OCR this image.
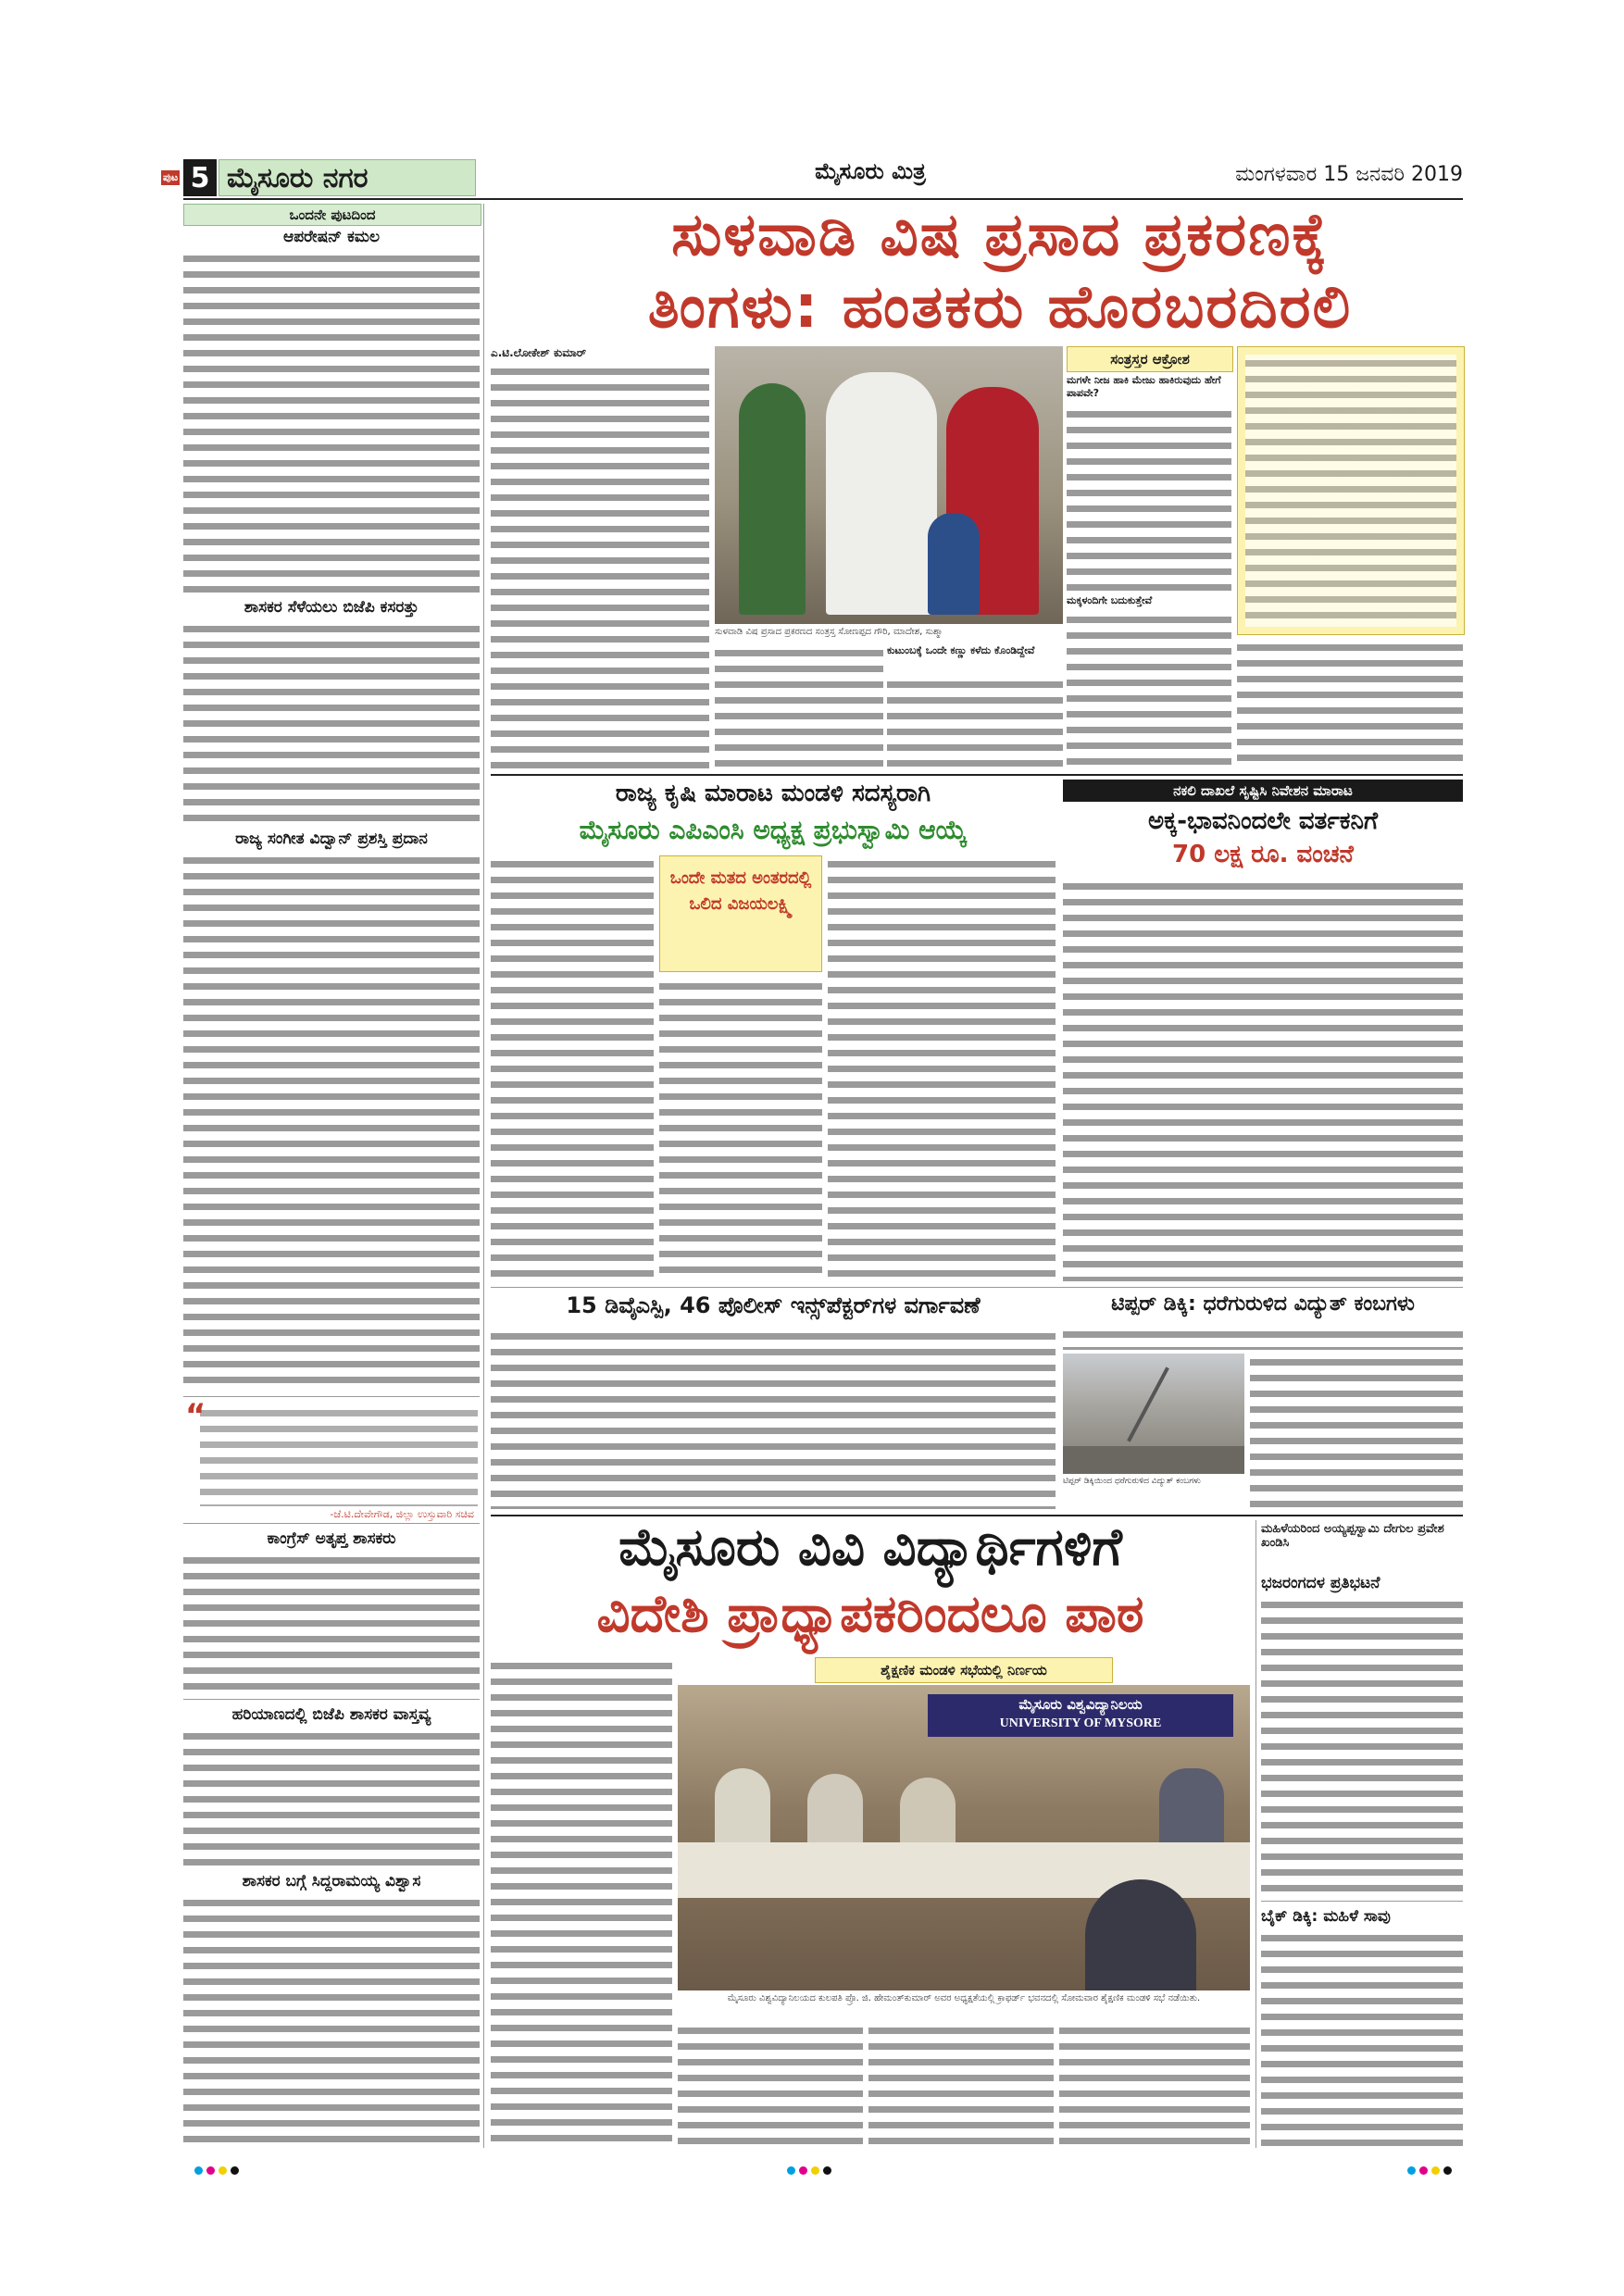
ಪುಟ 5 ಮೈಸೂರು ನಗರ	ಮೈಸೂರು ಮಿತ್ರ	ಮಂಗಳವಾರ 15 ಜನವರಿ 2019
ಒಂದನೇ ಪುಟದಿಂದ
ಆಪರೇಷನ್ ಕಮಲ
ಶಾಸಕರ ಸೆಳೆಯಲು ಬಿಜೆಪಿ ಕಸರತ್ತು
ರಾಜ್ಯ ಸಂಗೀತ ವಿದ್ವಾನ್ ಪ್ರಶಸ್ತಿ ಪ್ರದಾನ
“
-ಜೆ.ಟಿ.ದೇವೇಗೌಡ, ಜಿಲ್ಲಾ ಉಸ್ತುವಾರಿ ಸಚಿವ
ಕಾಂಗ್ರೆಸ್ ಅತೃಪ್ತ ಶಾಸಕರು
ಹರಿಯಾಣದಲ್ಲಿ ಬಿಜೆಪಿ ಶಾಸಕರ ವಾಸ್ತವ್ಯ
ಶಾಸಕರ ಬಗ್ಗೆ ಸಿದ್ದರಾಮಯ್ಯ ವಿಶ್ವಾಸ
ಸುಳವಾಡಿ ವಿಷ ಪ್ರಸಾದ ಪ್ರಕರಣಕ್ಕೆ
ತಿಂಗಳು: ಹಂತಕರು ಹೊರಬರದಿರಲಿ
ಎ.ಟಿ.ಲೋಕೇಶ್ ಕುಮಾರ್
ಸುಳವಾಡಿ ವಿಷ ಪ್ರಸಾದ ಪ್ರಕರಣದ ಸಂತ್ರಸ್ತ ಸೋಣಪ್ಪದ ಗೌರಿ, ಮಾದೇಶ, ಸುಶ್ಮಾ
ಕುಟುಂಬಕ್ಕೆ ಒಂದೇ ಕಣ್ಣು ಕಳೆದು ಕೊಂಡಿದ್ದೇವೆ
ಸಂತ್ರಸ್ತರ ಆಕ್ರೋಶ
ಮಗಳೇ ನೀಜ ಹಾಕಿ ಮೇಜು ಹಾಕಿರುವುದು ಹೇಗೆ ಪಾಪವೇ?
ಮಕ್ಕಳಂದಿಗೇ ಬದುಕುತ್ತೇವೆ
ರಾಜ್ಯ ಕೃಷಿ ಮಾರಾಟ ಮಂಡಳಿ ಸದಸ್ಯರಾಗಿ
ಮೈಸೂರು ಎಪಿಎಂಸಿ ಅಧ್ಯಕ್ಷ ಪ್ರಭುಸ್ವಾಮಿ ಆಯ್ಕೆ
ಒಂದೇ ಮತದ ಅಂತರದಲ್ಲಿ ಒಲಿದ ವಿಜಯಲಕ್ಷ್ಮಿ
ನಕಲಿ ದಾಖಲೆ ಸೃಷ್ಟಿಸಿ ನಿವೇಶನ ಮಾರಾಟ
ಅಕ್ಕ-ಭಾವನಿಂದಲೇ ವರ್ತಕನಿಗೆ
70 ಲಕ್ಷ ರೂ. ವಂಚನೆ
15 ಡಿವೈಎಸ್ಪಿ, 46 ಪೊಲೀಸ್ ಇನ್ಸ್‌ಪೆಕ್ಟರ್‌ಗಳ ವರ್ಗಾವಣೆ	ಟಿಪ್ಪರ್ ಡಿಕ್ಕಿ: ಧರೆಗುರುಳಿದ ವಿದ್ಯುತ್ ಕಂಬಗಳು
ಟಿಪ್ಪರ್ ಡಿಕ್ಕಿಯಿಂದ ಧರೆಗುರುಳಿದ ವಿದ್ಯುತ್ ಕಂಬಗಳು
ಮೈಸೂರು ವಿವಿ ವಿದ್ಯಾರ್ಥಿಗಳಿಗೆ
ವಿದೇಶಿ ಪ್ರಾಧ್ಯಾಪಕರಿಂದಲೂ ಪಾಠ
ಶೈಕ್ಷಣಿಕ ಮಂಡಳಿ ಸಭೆಯಲ್ಲಿ ನಿರ್ಣಯ
ಮೈಸೂರು ವಿಶ್ವವಿದ್ಯಾನಿಲಯ
UNIVERSITY OF MYSORE
ಮೈಸೂರು ವಿಶ್ವವಿದ್ಯಾನಿಲಯದ ಕುಲಪತಿ ಪ್ರೊ. ಜಿ. ಹೇಮಂತ್‌ಕುಮಾರ್ ಅವರ ಅಧ್ಯಕ್ಷತೆಯಲ್ಲಿ ಕ್ರಾಫರ್ಡ್ ಭವನದಲ್ಲಿ ಸೋಮವಾರ ಶೈಕ್ಷಣಿಕ ಮಂಡಳಿ ಸಭೆ ನಡೆಯಿತು.
ಮಹಿಳೆಯರಿಂದ ಅಯ್ಯಪ್ಪಸ್ವಾಮಿ ದೇಗುಲ ಪ್ರವೇಶ ಖಂಡಿಸಿ
ಭಜರಂಗದಳ ಪ್ರತಿಭಟನೆ
ಬೈಕ್ ಡಿಕ್ಕಿ: ಮಹಿಳೆ ಸಾವು
